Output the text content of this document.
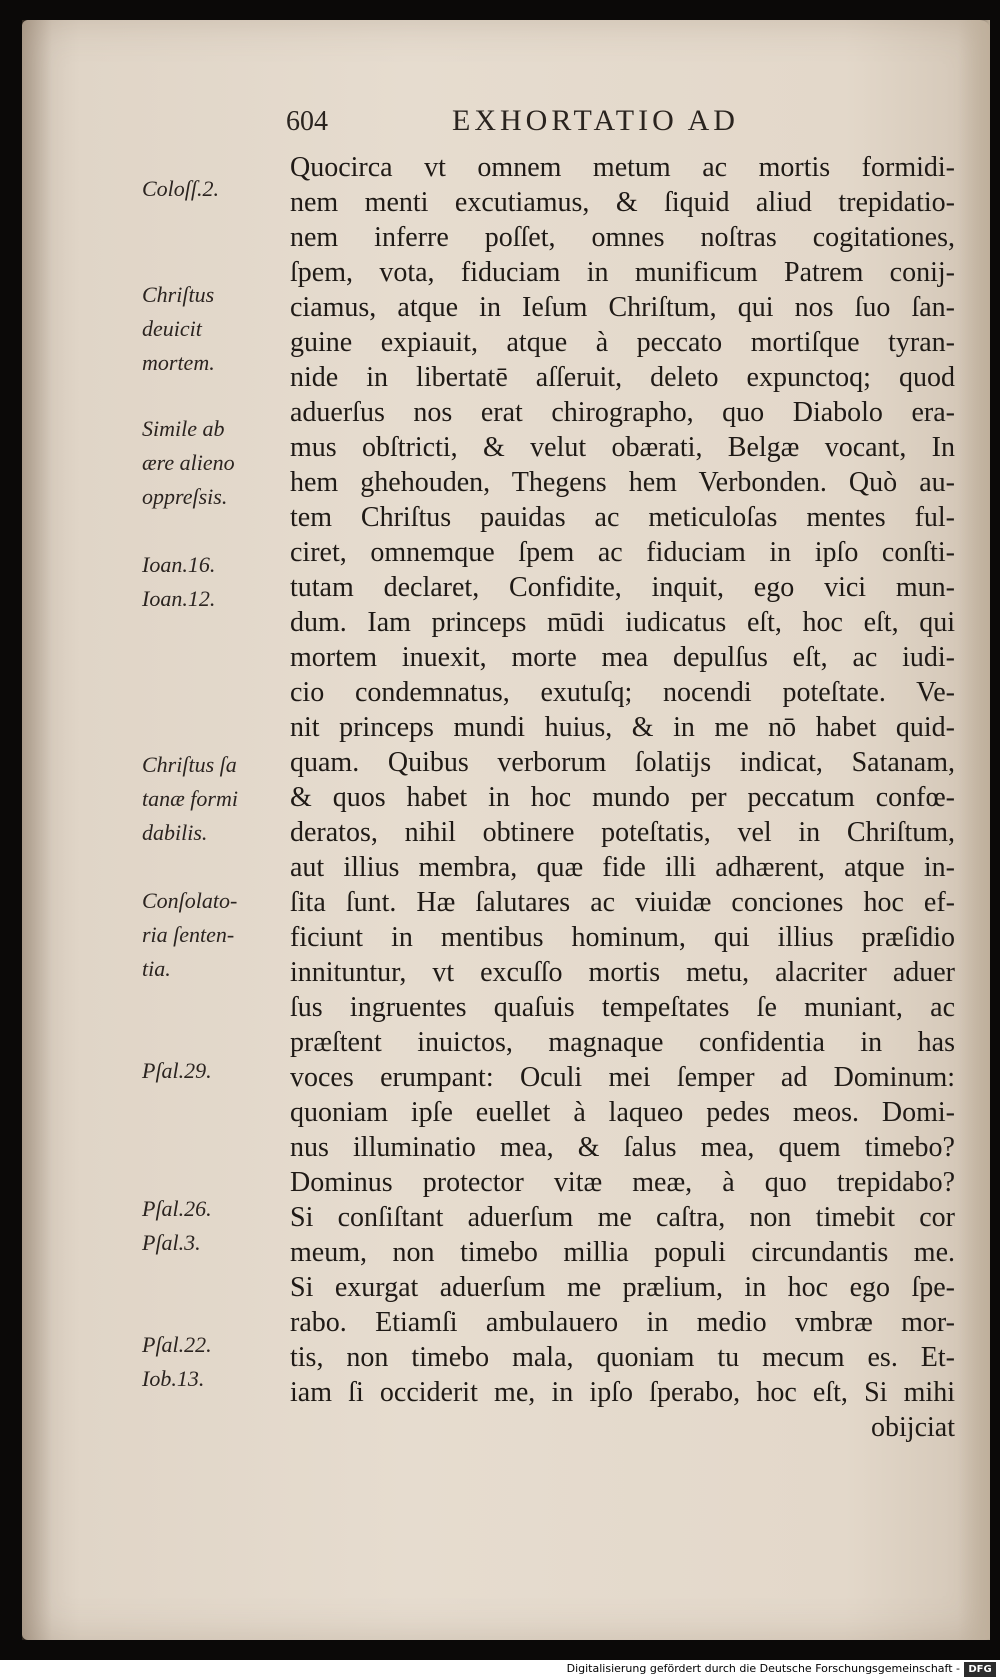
604	EXHORTATIO AD
Coloſſ.2.
Chriſtus
deuicit
mortem.
Simile ab
ære alieno
oppreſsis.
Ioan.16.
Ioan.12.
Chriſtus ſa
tanæ formi
dabilis.
Conſolato-
ria ſenten-
tia.
Pſal.29.
Pſal.26.
Pſal.3.
Pſal.22.
Iob.13.
Quocirca vt omnem metum ac mortis formidi-
nem menti excutiamus, & ſiquid aliud trepidatio-
nem inferre poſſet, omnes noſtras cogitationes,
ſpem, vota, fiduciam in munificum Patrem conij-
ciamus, atque in Ieſum Chriſtum, qui nos ſuo ſan-
guine expiauit, atque à peccato mortiſque tyran-
nide in libertatē aſſeruit, deleto expunctoq; quod
aduerſus nos erat chirographo, quo Diabolo era-
mus obſtricti, & velut obærati, Belgæ vocant, In
hem ghehouden, Thegens hem Verbonden. Quò au-
tem Chriſtus pauidas ac meticuloſas mentes ful-
ciret, omnemque ſpem ac fiduciam in ipſo conſti-
tutam declaret, Confidite, inquit, ego vici mun-
dum. Iam princeps mūdi iudicatus eſt, hoc eſt, qui
mortem inuexit, morte mea depulſus eſt, ac iudi-
cio condemnatus, exutuſq; nocendi poteſtate. Ve-
nit princeps mundi huius, & in me nō habet quid-
quam. Quibus verborum ſolatijs indicat, Satanam,
& quos habet in hoc mundo per peccatum confœ-
deratos, nihil obtinere poteſtatis, vel in Chriſtum,
aut illius membra, quæ fide illi adhærent, atque in-
ſita ſunt. Hæ ſalutares ac viuidæ conciones hoc ef-
ficiunt in mentibus hominum, qui illius præſidio
innituntur, vt excuſſo mortis metu, alacriter aduer
ſus ingruentes quaſuis tempeſtates ſe muniant, ac
præſtent inuictos, magnaque confidentia in has
voces erumpant: Oculi mei ſemper ad Dominum:
quoniam ipſe euellet à laqueo pedes meos. Domi-
nus illuminatio mea, & ſalus mea, quem timebo?
Dominus protector vitæ meæ, à quo trepidabo?
Si conſiſtant aduerſum me caſtra, non timebit cor
meum, non timebo millia populi circundantis me.
Si exurgat aduerſum me prælium, in hoc ego ſpe-
rabo. Etiamſi ambulauero in medio vmbræ mor-
tis, non timebo mala, quoniam tu mecum es. Et-
iam ſi occiderit me, in ipſo ſperabo, hoc eſt, Si mihi
obijciat
Digitalisierung gefördert durch die Deutsche Forschungsgemeinschaft - DFG
